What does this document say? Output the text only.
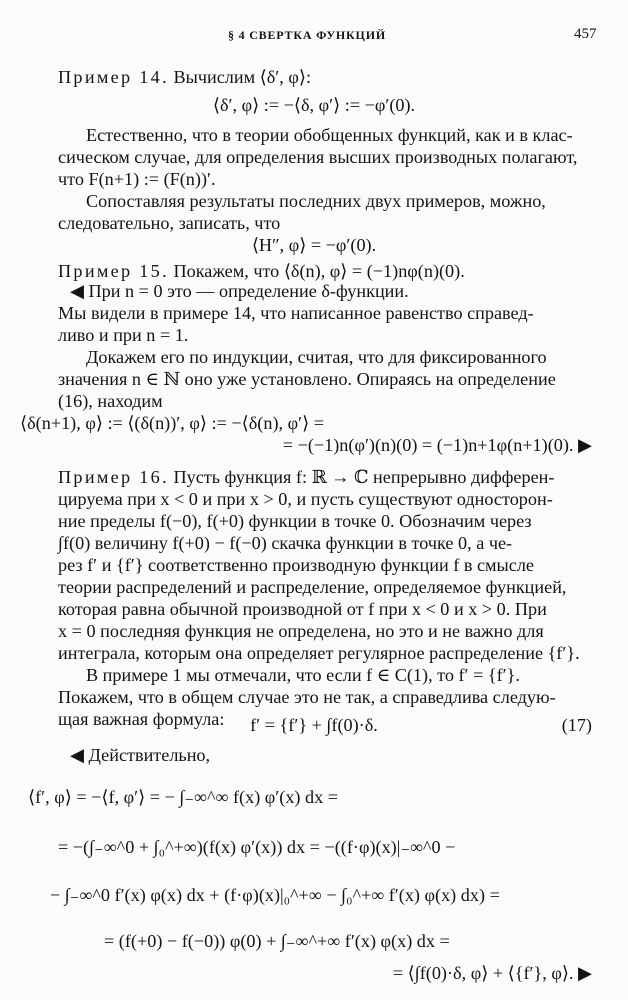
§ 4 СВЕРТКА ФУНКЦИЙ	457
Пример 14. Вычислим ⟨δ′, φ⟩:
⟨δ′, φ⟩ := −⟨δ, φ′⟩ := −φ′(0).
Естественно, что в теории обобщенных функций, как и в клас-
сическом случае, для определения высших производных полагают,
что F(n+1) := (F(n))′.
Сопоставляя результаты последних двух примеров, можно,
следовательно, записать, что
⟨H″, φ⟩ = −φ′(0).
Пример 15. Покажем, что ⟨δ(n), φ⟩ = (−1)nφ(n)(0).
◀ При n = 0 это — определение δ-функции.
Мы видели в примере 14, что написанное равенство справед-
ливо и при n = 1.
Докажем его по индукции, считая, что для фиксированного
значения n ∈ ℕ оно уже установлено. Опираясь на определение
(16), находим
⟨δ(n+1), φ⟩ := ⟨(δ(n))′, φ⟩ := −⟨δ(n), φ′⟩ =
= −(−1)n(φ′)(n)(0) = (−1)n+1φ(n+1)(0). ▶
Пример 16. Пусть функция f: ℝ → ℂ непрерывно дифферен-
цируема при x < 0 и при x > 0, и пусть существуют односторон-
ние пределы f(−0), f(+0) функции в точке 0. Обозначим через
∫f(0) величину f(+0) − f(−0) скачка функции в точке 0, а че-
рез f′ и {f′} соответственно производную функции f в смысле
теории распределений и распределение, определяемое функцией,
которая равна обычной производной от f при x < 0 и x > 0. При
x = 0 последняя функция не определена, но это и не важно для
интеграла, которым она определяет регулярное распределение {f′}.
В примере 1 мы отмечали, что если f ∈ C(1), то f′ = {f′}.
Покажем, что в общем случае это не так, а справедлива следую-
щая важная формула:	f′ = {f′} + ∫f(0)·δ.	(17)
◀ Действительно,
⟨f′, φ⟩ = −⟨f, φ′⟩ = − ∫₋∞^∞ f(x) φ′(x) dx =
= −(∫₋∞^0 + ∫₀^+∞)(f(x) φ′(x)) dx = −((f·φ)(x)|₋∞^0 −
− ∫₋∞^0 f′(x) φ(x) dx + (f·φ)(x)|₀^+∞ − ∫₀^+∞ f′(x) φ(x) dx) =
= (f(+0) − f(−0)) φ(0) + ∫₋∞^+∞ f′(x) φ(x) dx =
= ⟨∫f(0)·δ, φ⟩ + ⟨{f′}, φ⟩. ▶
